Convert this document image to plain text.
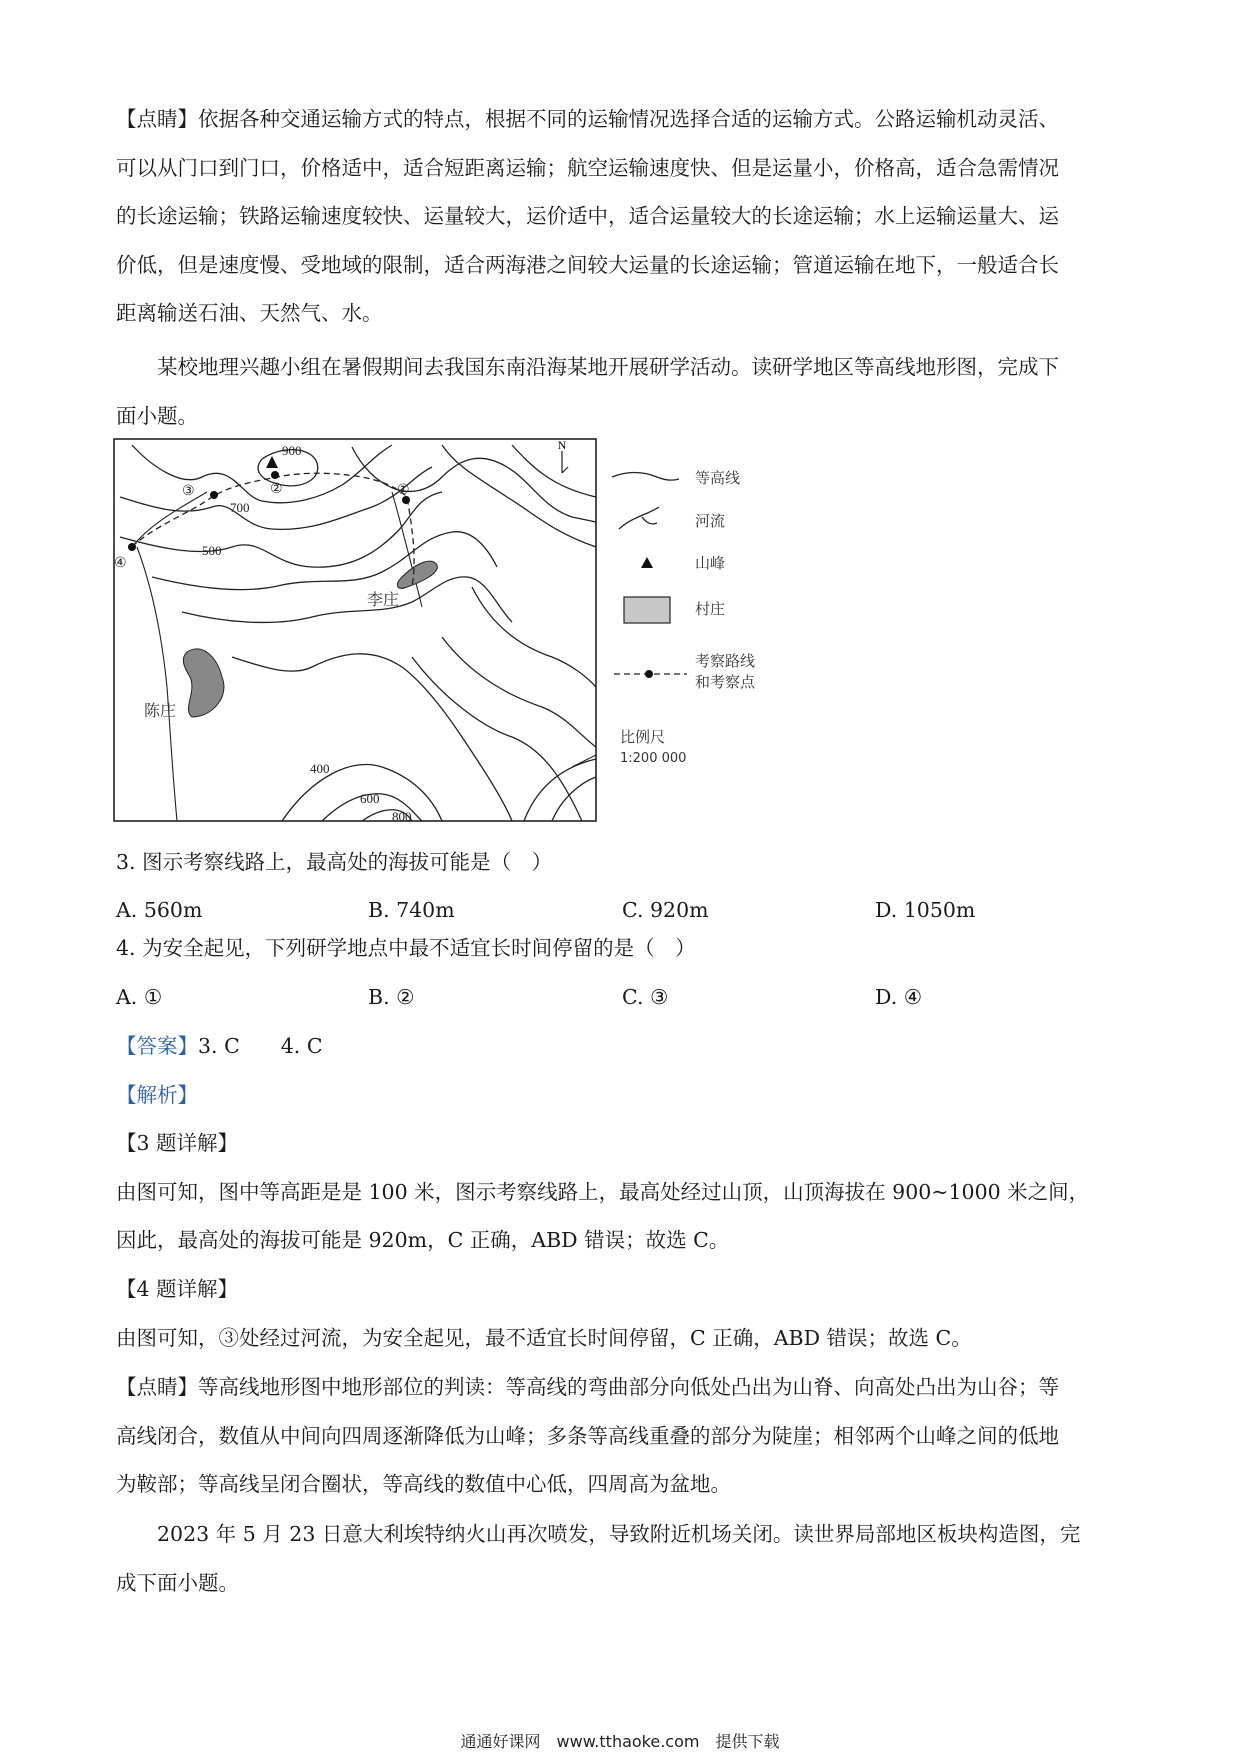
【点睛】依据各种交通运输方式的特点，根据不同的运输情况选择合适的运输方式。公路运输机动灵活、
可以从门口到门口，价格适中，适合短距离运输；航空运输速度快、但是运量小，价格高，适合急需情况
的长途运输；铁路运输速度较快、运量较大，运价适中，适合运量较大的长途运输；水上运输运量大、运
价低，但是速度慢、受地域的限制，适合两海港之间较大运量的长途运输；管道运输在地下，一般适合长
距离输送石油、天然气、水。
某校地理兴趣小组在暑假期间去我国东南沿海某地开展研学活动。读研学地区等高线地形图，完成下
面小题。
N
900
700
500
400
600
800
③	②	①
④
李庄
陈庄
等高线
河流
山峰
村庄
考察路线
和考察点
比例尺
1:200 000
3. 图示考察线路上，最高处的海拔可能是（　）
A. 560m	B. 740m	C. 920m	D. 1050m
4. 为安全起见，下列研学地点中最不适宜长时间停留的是（　）
A. ①	B. ②	C. ③	D. ④
【答案】3. C　　4. C
【解析】
【3 题详解】
由图可知，图中等高距是是 100 米，图示考察线路上，最高处经过山顶，山顶海拔在 900~1000 米之间，
因此，最高处的海拔可能是 920m，C 正确，ABD 错误；故选 C。
【4 题详解】
由图可知，③处经过河流，为安全起见，最不适宜长时间停留，C 正确，ABD 错误；故选 C。
【点睛】等高线地形图中地形部位的判读：等高线的弯曲部分向低处凸出为山脊、向高处凸出为山谷；等
高线闭合，数值从中间向四周逐渐降低为山峰；多条等高线重叠的部分为陡崖；相邻两个山峰之间的低地
为鞍部；等高线呈闭合圈状，等高线的数值中心低，四周高为盆地。
2023 年 5 月 23 日意大利埃特纳火山再次喷发，导致附近机场关闭。读世界局部地区板块构造图，完
成下面小题。
通通好课网　www.tthaoke.com　提供下载
